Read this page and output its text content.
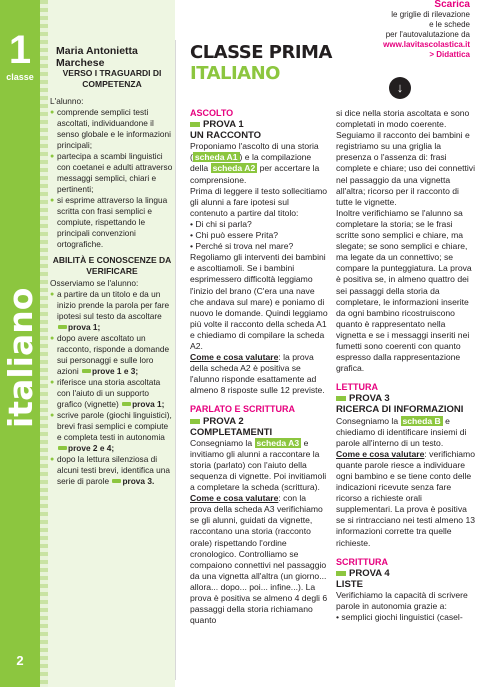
1
classe
italiano
2
Maria Antonietta Marchese
VERSO I TRAGUARDI DI COMPETENZA
L'alunno:
● comprende semplici testi ascoltati, individuandone il senso globale e le informazioni principali;
● partecipa a scambi linguistici con coetanei e adulti attraverso messaggi semplici, chiari e pertinenti;
● si esprime attraverso la lingua scritta con frasi semplici e compiute, rispettando le principali convenzioni ortografiche.
ABILITÀ E CONOSCENZE DA VERIFICARE
Osserviamo se l'alunno:
● a partire da un titolo e da un inizio prende la parola per fare ipotesi sul testo da ascoltare prova 1;
● dopo avere ascoltato un racconto, risponde a domande sui personaggi e sulle loro azioni prove 1 e 3;
● riferisce una storia ascoltata con l'aiuto di un supporto grafico (vignette) prova 1;
● scrive parole (giochi linguistici), brevi frasi semplici e compiute e completa testi in autonomia prove 2 e 4;
● dopo la lettura silenziosa di alcuni testi brevi, identifica una serie di parole prova 3.
CLASSE PRIMA
ITALIANO
Scarica
le griglie di rilevazione
e le schede
per l'autovalutazione da
www.lavitascolastica.it
> Didattica
↓
ASCOLTO
PROVA 1
UN RACCONTO

Proponiamo l'ascolto di una storia ( scheda A1 ) e la compilazione della scheda A2 per accertare la comprensione.

Prima di leggere il testo sollecitiamo gli alunni a fare ipotesi sul contenuto a partire dal titolo:

• Di chi si parla?

• Chi può essere Prita?

• Perché si trova nel mare?

Regoliamo gli interventi dei bambini e ascoltiamoli. Se i bambini esprimessero difficoltà leggiamo l'inizio del brano (C'era una nave che andava sul mare) e poniamo di nuovo le domande. Quindi leggiamo più volte il racconto della scheda A1 e chiediamo di compilare la scheda A2.

Come e cosa valutare: la prova della scheda A2 è positiva se l'alunno risponde esattamente ad almeno 8 risposte sulle 12 previste.

PARLATO E SCRITTURA
PROVA 2
COMPLETAMENTI

Consegniamo la scheda A3 e invitiamo gli alunni a raccontare la storia (parlato) con l'aiuto della sequenza di vignette. Poi invitiamoli a completare la scheda (scrittura).

Come e cosa valutare: con la prova della scheda A3 verifichiamo se gli alunni, guidati da vignette, raccontano una storia (racconto orale) rispettando l'ordine cronologico. Controlliamo se compaiono connettivi nel passaggio da una vignetta all'altra (un giorno... allora... dopo... poi... infine...). La prova è positiva se almeno 4 degli 6 passaggi della storia richiamano quanto

si dice nella storia ascoltata e sono completati in modo coerente.

Seguiamo il racconto dei bambini e registriamo su una griglia la presenza o l'assenza di: frasi complete e chiare; uso dei connettivi nel passaggio da una vignetta all'altra; ricorso per il racconto di tutte le vignette.

Inoltre verifichiamo se l'alunno sa completare la storia; se le frasi scritte sono semplici e chiare, ma slegate; se sono semplici e chiare, ma legate da un connettivo; se compare la punteggiatura. La prova è positiva se, in almeno quattro dei sei passaggi della storia da completare, le informazioni inserite da ogni bambino ricostruiscono quanto è rappresentato nella vignetta e se i messaggi inseriti nei fumetti sono coerenti con quanto espresso dalla rappresentazione grafica.

LETTURA
PROVA 3
RICERCA DI INFORMAZIONI

Consegniamo la scheda B e chiediamo di identificare insiemi di parole all'interno di un testo.

Come e cosa valutare: verifichiamo quante parole riesce a individuare ogni bambino e se tiene conto delle indicazioni ricevute senza fare ricorso a richieste orali supplementari. La prova è positiva se si rintracciano nei testi almeno 13 informazioni corrette tra quelle richieste.

SCRITTURA
PROVA 4
LISTE

Verifichiamo la capacità di scrivere parole in autonomia grazie a:

• semplici giochi linguistici (casel-
